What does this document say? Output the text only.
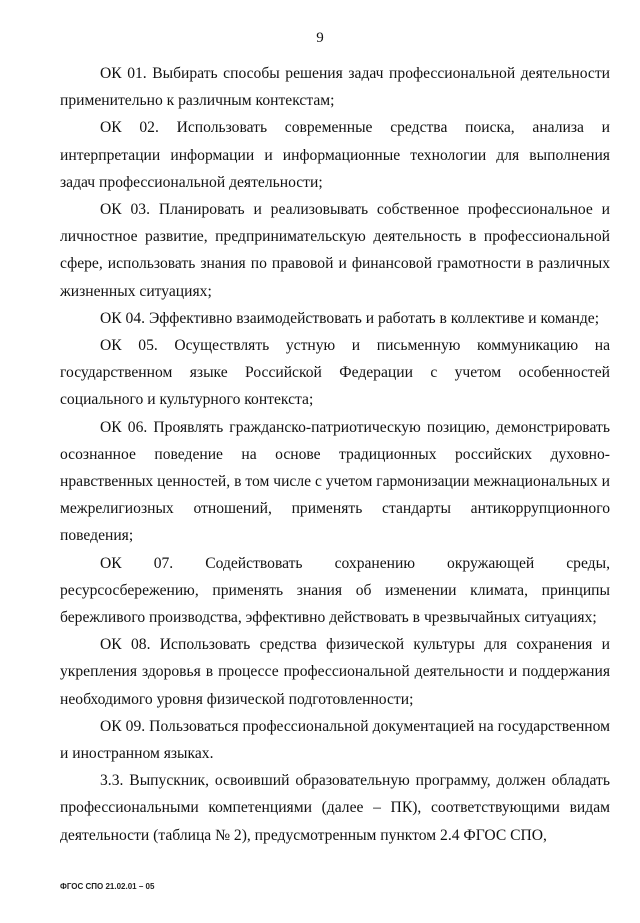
9

ОК 01. Выбирать способы решения задач профессиональной деятельности применительно к различным контекстам;

ОК 02. Использовать современные средства поиска, анализа и интерпретации информации и информационные технологии для выполнения задач профессиональной деятельности;

ОК 03. Планировать и реализовывать собственное профессиональное и личностное развитие, предпринимательскую деятельность в профессиональной сфере, использовать знания по правовой и финансовой грамотности в различных жизненных ситуациях;

ОК 04. Эффективно взаимодействовать и работать в коллективе и команде;

ОК 05. Осуществлять устную и письменную коммуникацию на государственном языке Российской Федерации с учетом особенностей социального и культурного контекста;

ОК 06. Проявлять гражданско-патриотическую позицию, демонстрировать осознанное поведение на основе традиционных российских духовно-нравственных ценностей, в том числе с учетом гармонизации межнациональных и межрелигиозных отношений, применять стандарты антикоррупционного поведения;

ОК 07. Содействовать сохранению окружающей среды, ресурсосбережению, применять знания об изменении климата, принципы бережливого производства, эффективно действовать в чрезвычайных ситуациях;

ОК 08. Использовать средства физической культуры для сохранения и укрепления здоровья в процессе профессиональной деятельности и поддержания необходимого уровня физической подготовленности;

ОК 09. Пользоваться профессиональной документацией на государственном и иностранном языках.

3.3. Выпускник, освоивший образовательную программу, должен обладать профессиональными компетенциями (далее – ПК), соответствующими видам деятельности (таблица № 2), предусмотренным пунктом 2.4 ФГОС СПО,

ФГОС СПО 21.02.01 – 05
